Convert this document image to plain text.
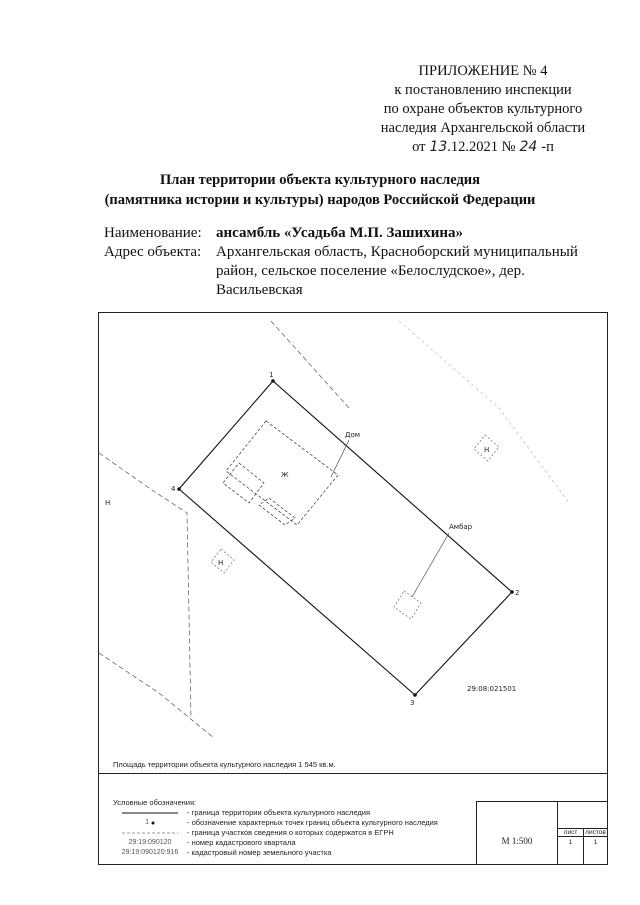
ПРИЛОЖЕНИЕ № 4
к постановлению инспекции
по охране объектов культурного
наследия Архангельской области
от 13.12.2021 № 24 -п
План территории объекта культурного наследия
(памятника истории и культуры) народов Российской Федерации
Наименование: ансамбль «Усадьба М.П. Зашихина»
Адрес объекта: Архангельская область, Красноборский муниципальный район, сельское поселение «Белослудское», дер. Васильевская
1
2
3
4
Ж
Дом
Амбар
Н
Н
Н
29:08:021501
Площадь территории объекта культурного наследия 1 545 кв.м.
Условные обозначения:
- граница территории объекта культурного наследия
1
	- обозначение характерных точек границ объекта культурного наследия
- граница участков сведения о которых содержатся в ЕГРН
29:19:090120	- номер кадастрового квартала
29:19:090120:916	- кадастровый номер земельного участка
М 1:500
лист	листов
1	1
